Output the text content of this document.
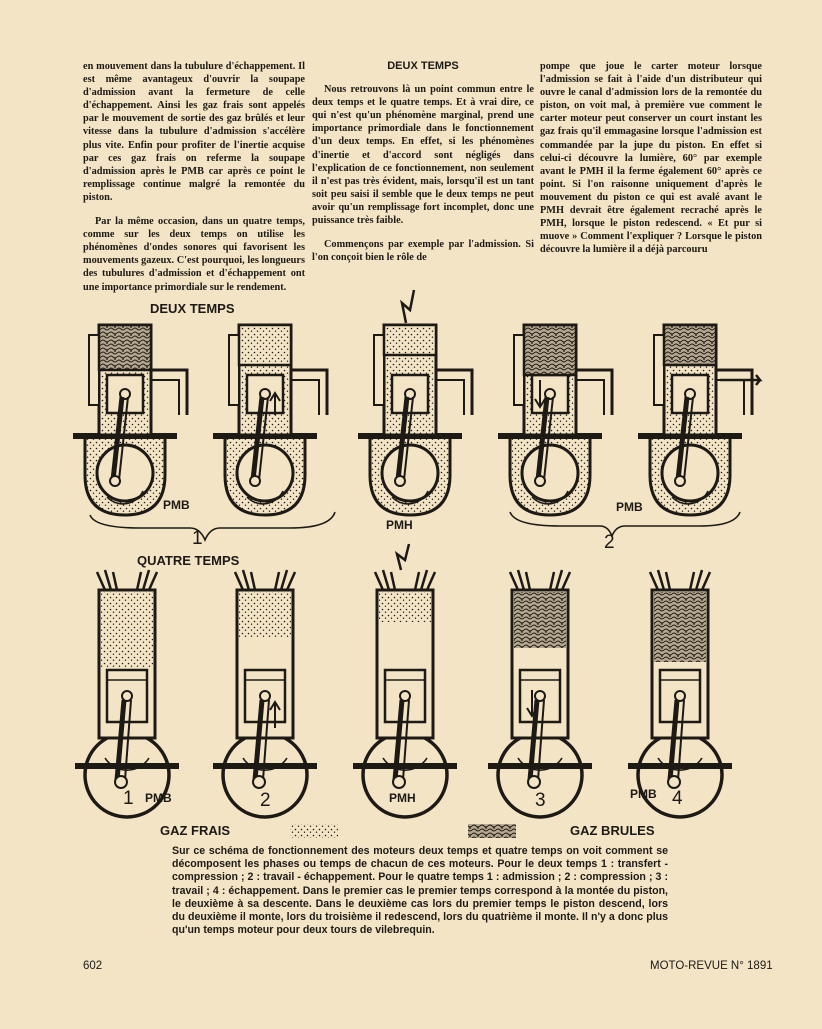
en mouvement dans la tubulure d'échappement. Il est même avantageux d'ouvrir la soupape d'admission avant la fermeture de celle d'échappement. Ainsi les gaz frais sont appelés par le mouvement de sortie des gaz brûlés et leur vitesse dans la tubulure d'admission s'accélère plus vite. Enfin pour profiter de l'inertie acquise par ces gaz frais on referme la soupape d'admission après le PMB car après ce point le remplissage continue malgré la remontée du piston.

Par la même occasion, dans un quatre temps, comme sur les deux temps on utilise les phénomènes d'ondes sonores qui favorisent les mouvements gazeux. C'est pourquoi, les longueurs des tubulures d'admission et d'échappement ont une importance primordiale sur le rendement.

DEUX TEMPS

Nous retrouvons là un point commun entre le deux temps et le quatre temps. Et à vrai dire, ce qui n'est qu'un phénomène marginal, prend une importance primordiale dans le fonctionnement d'un deux temps. En effet, si les phénomènes d'inertie et d'accord sont négligés dans l'explication de ce fonctionnement, non seulement il n'est pas très évident, mais, lorsqu'il est un tant soit peu saisi il semble que le deux temps ne peut avoir qu'un remplissage fort incomplet, donc une puissance très faible.

Commençons par exemple par l'admission. Si l'on conçoit bien le rôle de

pompe que joue le carter moteur lorsque l'admission se fait à l'aide d'un distributeur qui ouvre le canal d'admission lors de la remontée du piston, on voit mal, à première vue comment le carter moteur peut conserver un court instant les gaz frais qu'il emmagasine lorsque l'admission est commandée par la jupe du piston. En effet si celui-ci découvre la lumière, 60° par exemple avant le PMH il la ferme également 60° après ce point. Si l'on raisonne uniquement d'après le mouvement du piston ce qui est avalé avant le PMH devrait être également recraché après le PMH, lorsque le piston redescend. « Et pur si muove » Comment l'expliquer ? Lorsque le piston découvre la lumière il a déjà parcouru

DEUX TEMPS
PMB
PMH
PMB
1	2
QUATRE TEMPS
1 PMB	2	PMH	3	PMB 4
GAZ FRAIS	GAZ BRULES
Sur ce schéma de fonctionnement des moteurs deux temps et quatre temps on voit comment se décomposent les phases ou temps de chacun de ces moteurs. Pour le deux temps 1 : transfert - compression ; 2 : travail - échappement. Pour le quatre temps 1 : admission ; 2 : compression ; 3 : travail ; 4 : échappement. Dans le premier cas le premier temps correspond à la montée du piston, le deuxième à sa descente. Dans le deuxième cas lors du premier temps le piston descend, lors du deuxième il monte, lors du troisième il redescend, lors du quatrième il monte. Il n'y a donc plus qu'un temps moteur pour deux tours de vilebrequin.
602	MOTO-REVUE N° 1891
